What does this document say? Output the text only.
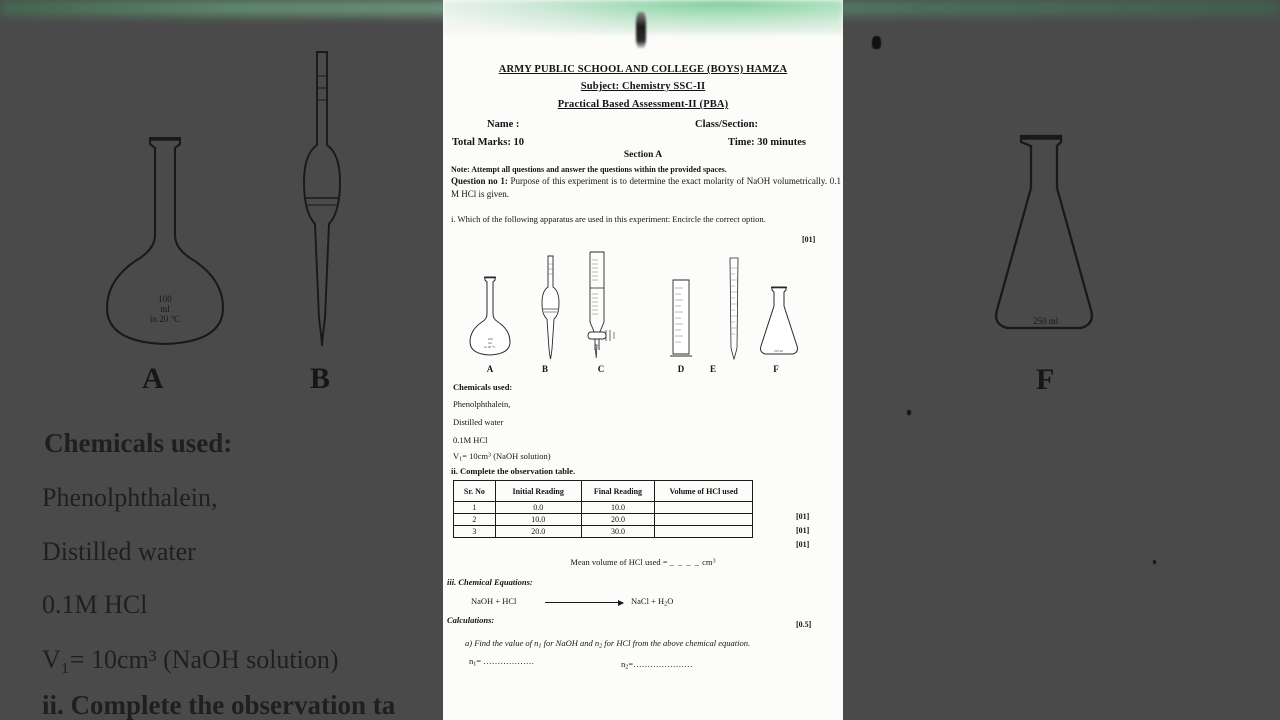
100
ml
in 20 °C
A	B
Chemicals used:
Phenolphthalein,
Distilled water
0.1M HCl
V₁= 10cm³ (NaOH solution)
ii. Complete the observation ta
250 ml
F
ARMY PUBLIC SCHOOL AND COLLEGE (BOYS) HAMZA
Subject: Chemistry SSC-II
Practical Based Assessment-II (PBA)
Name :	Class/Section:
Total Marks: 10	Time: 30 minutes
Section A
Note: Attempt all questions and answer the questions within the provided spaces.
Question no 1: Purpose of this experiment is to determine the exact molarity of NaOH volumetrically. 0.1 M HCl is given.
i. Which of the following apparatus are used in this experiment: Encircle the correct option.
[01]
100
ml
in 20 °C
A	B	C	D	E
250 ml
F
Chemicals used:
Phenolphthalein,
Distilled water
0.1M HCl
$V_1= 10cm^3$ (NaOH solution)
ii. Complete the observation table.
Sr. No	Initial Reading	Final Reading	Volume of HCl used
1	0.0	10.0	
2	10.0	20.0	
3	20.0	30.0	
[01]
[01]
[01]
Mean volume of HCl used = _ _ _ _ $cm^3$
iii. Chemical Equations:
NaOH + HCl	NaCl + $H_2O$
Calculations:	[0.5]
a) Find the value of $n_1$ for NaOH and $n_2$ for HCl from the above chemical equation.
$n_1=$ ………………	$n_2=\dots\dots\dots\dots\dots\dots\dots$
